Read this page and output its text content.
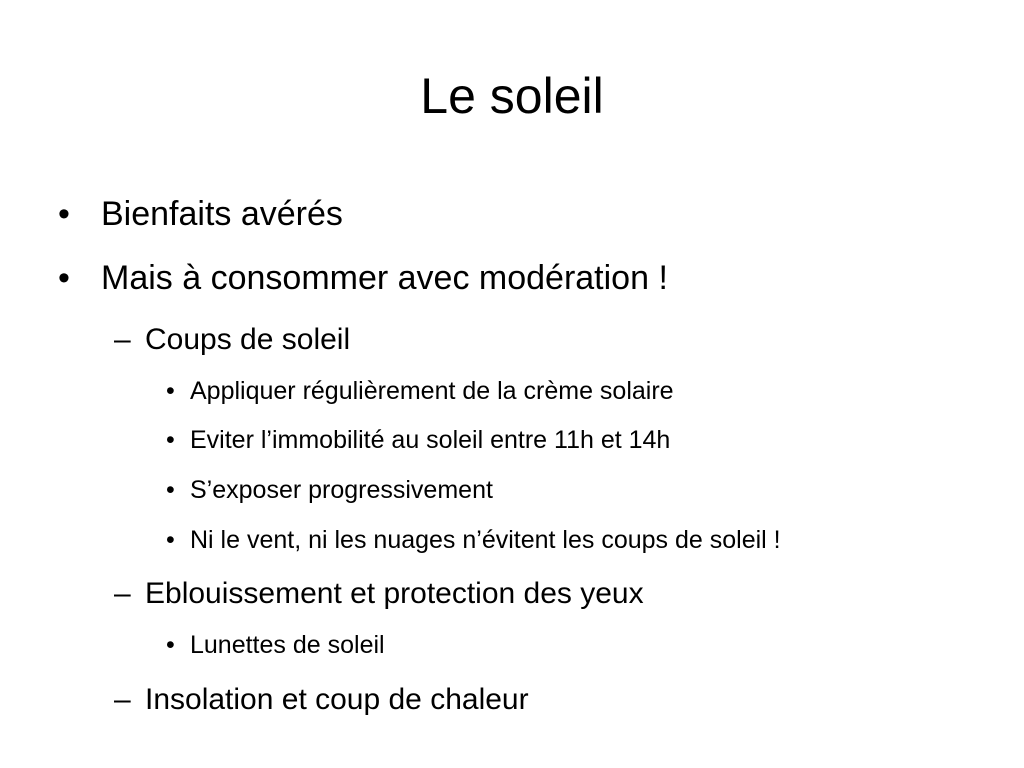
Le soleil
• Bienfaits avérés
• Mais à consommer avec modération !
– Coups de soleil
• Appliquer régulièrement de la crème solaire
• Eviter l’immobilité au soleil entre 11h et 14h
• S’exposer progressivement
• Ni le vent, ni les nuages n’évitent les coups de soleil !
– Eblouissement et protection des yeux
• Lunettes de soleil
– Insolation et coup de chaleur
